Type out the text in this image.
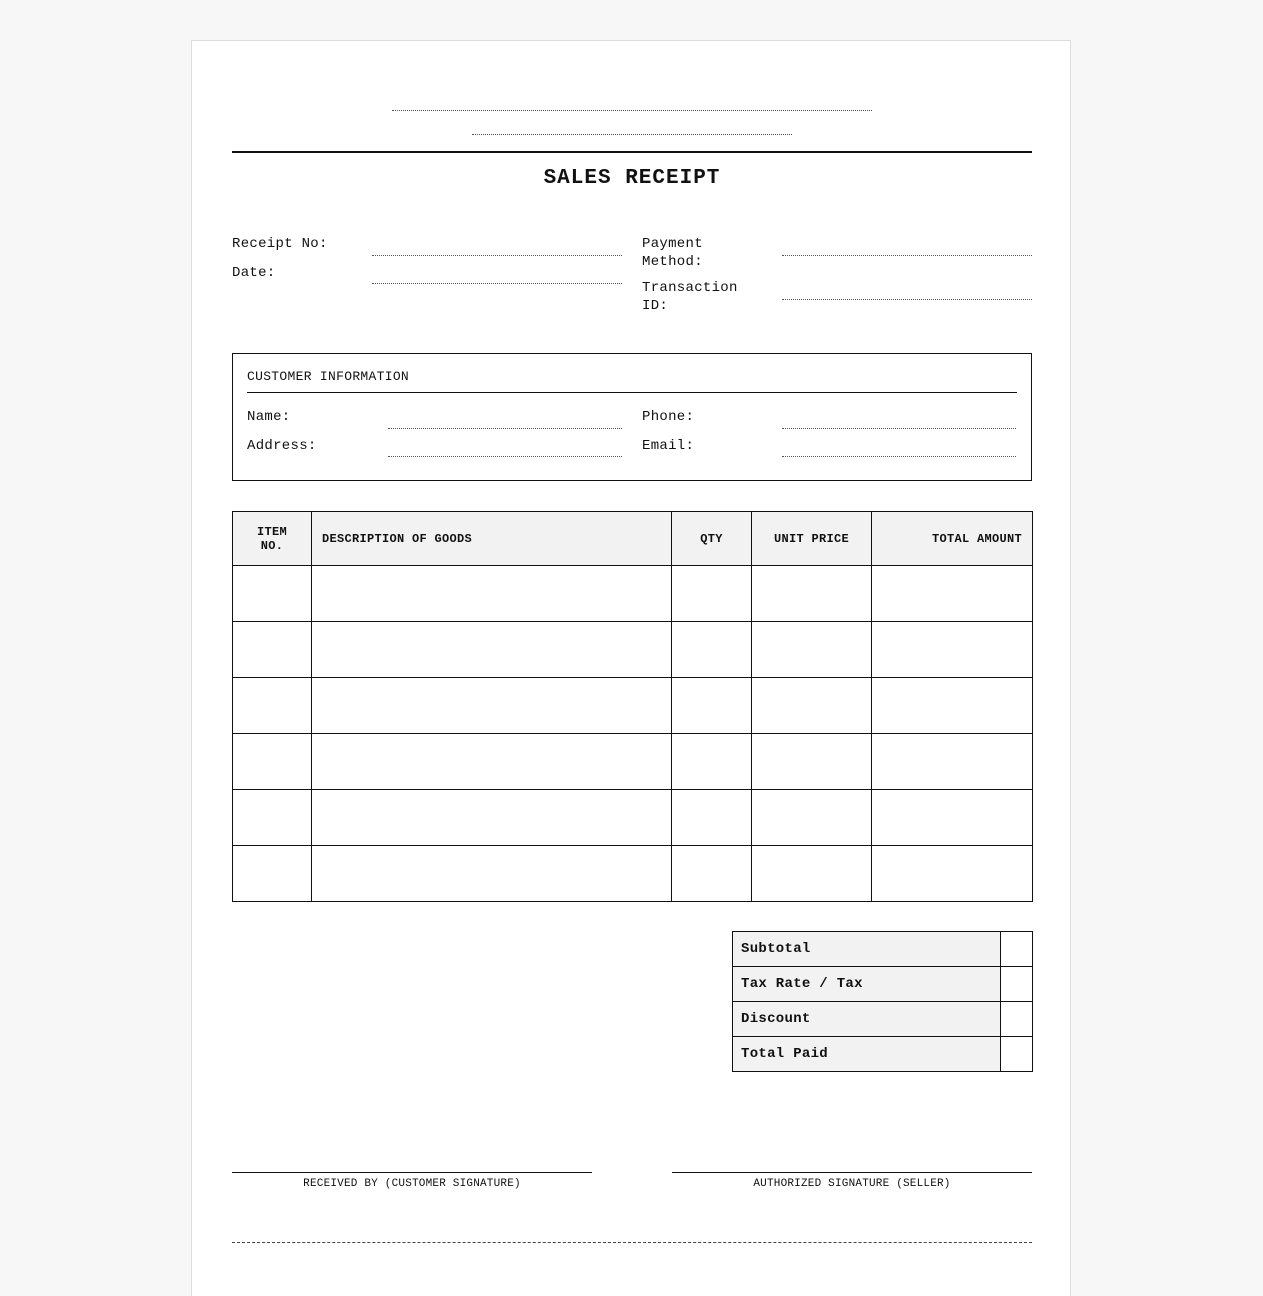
SALES RECEIPT
Receipt No:
Date:
Payment
Method:
Transaction
ID:
CUSTOMER INFORMATION
Name:
Address:
Phone:
Email:
ITEM
NO.	DESCRIPTION OF GOODS	QTY	UNIT PRICE	TOTAL AMOUNT

Subtotal	
Tax Rate / Tax	
Discount	
Total Paid	
RECEIVED BY (CUSTOMER SIGNATURE)	AUTHORIZED SIGNATURE (SELLER)
